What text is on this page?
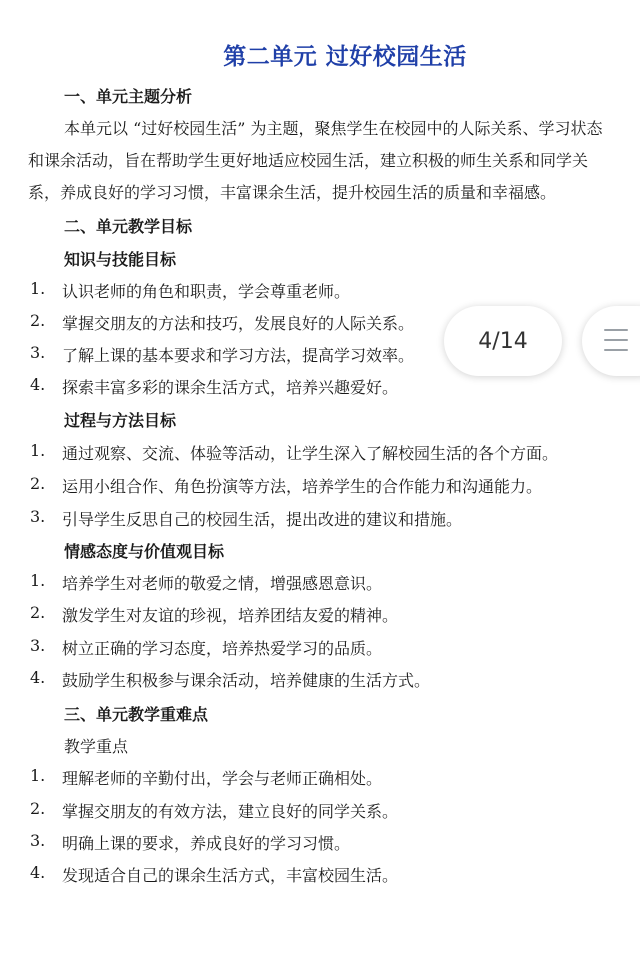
第二单元 过好校园生活
一、单元主题分析
本单元以 “过好校园生活” 为主题，聚焦学生在校园中的人际关系、学习状态和课余活动，旨在帮助学生更好地适应校园生活，建立积极的师生关系和同学关系，养成良好的学习习惯，丰富课余生活，提升校园生活的质量和幸福感。
二、单元教学目标
知识与技能目标
1. 认识老师的角色和职责，学会尊重老师。
2. 掌握交朋友的方法和技巧，发展良好的人际关系。
3. 了解上课的基本要求和学习方法，提高学习效率。
4. 探索丰富多彩的课余生活方式，培养兴趣爱好。
过程与方法目标
1. 通过观察、交流、体验等活动，让学生深入了解校园生活的各个方面。
2. 运用小组合作、角色扮演等方法，培养学生的合作能力和沟通能力。
3. 引导学生反思自己的校园生活，提出改进的建议和措施。
情感态度与价值观目标
1. 培养学生对老师的敬爱之情，增强感恩意识。
2. 激发学生对友谊的珍视，培养团结友爱的精神。
3. 树立正确的学习态度，培养热爱学习的品质。
4. 鼓励学生积极参与课余活动，培养健康的生活方式。
三、单元教学重难点
教学重点
1. 理解老师的辛勤付出，学会与老师正确相处。
2. 掌握交朋友的有效方法，建立良好的同学关系。
3. 明确上课的要求，养成良好的学习习惯。
4. 发现适合自己的课余生活方式，丰富校园生活。
4/14
